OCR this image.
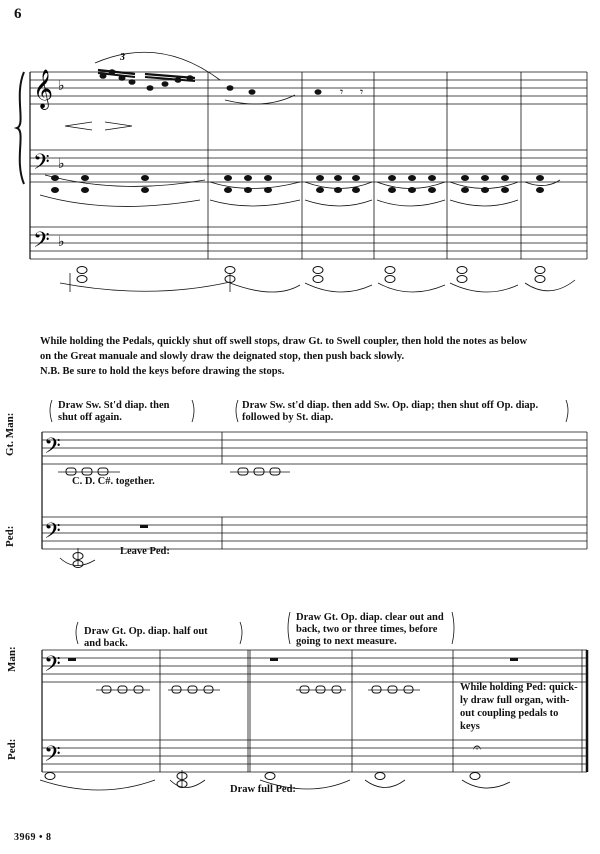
6
𝄞
𝄢
𝄢
♭
♭
♭
3
𝄾 𝄾
While holding the Pedals, quickly shut off swell stops, draw Gt. to Swell coupler, then hold the notes as below
on the Great manuale and slowly draw the deignated stop, then push back slowly.
N.B. Be sure to hold the keys before drawing the stops.
𝄢
𝄢
Gt. Man:
Ped:
Draw Sw. St'd diap. then
shut off again.
Draw Sw. st'd diap. then add Sw. Op. diap; then shut off Op. diap.
followed by St. diap.
C. D. C#. together.
Leave Ped:
𝄢
𝄢	𝄐
Man:
Ped:
Draw Gt. Op. diap. half out
and back.
Draw Gt. Op. diap. clear out and
back, two or three times, before
going to next measure.
While holding Ped: quick-
ly draw full organ, with-
out coupling pedals to
keys
Draw full Ped:
3969 • 8
